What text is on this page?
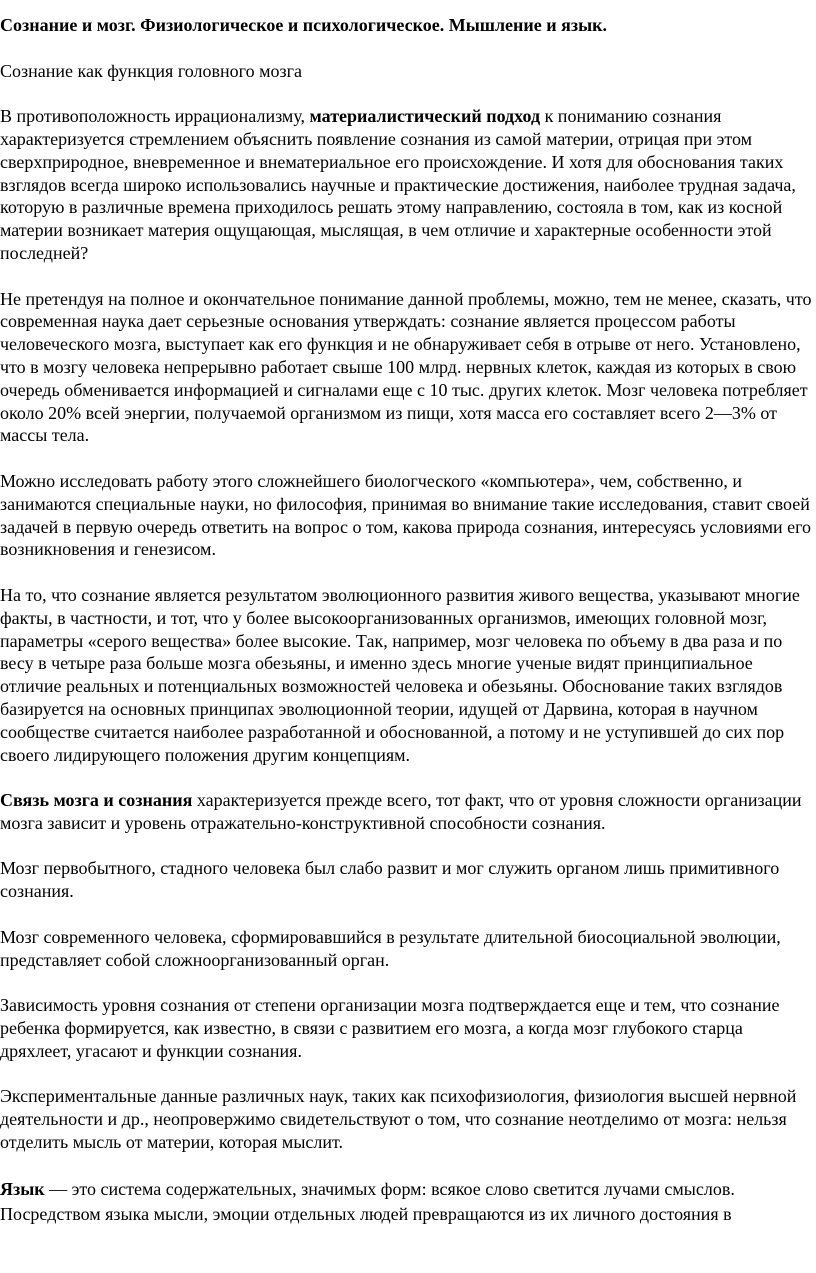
Сознание и мозг. Физиологическое и психологическое. Мышление и язык.

Сознание как функция головного мозга

В противоположность иррационализму, материалистический подход к пониманию сознания характеризуется стремлением объяснить появление сознания из самой материи, отрицая при этом сверхприродное, вневременное и внематериальное его происхождение. И хотя для обоснования таких взглядов всегда широко использовались научные и практические достижения, наиболее трудная задача, которую в различные времена приходилось решать этому направлению, состояла в том, как из косной материи возникает материя ощущающая, мыслящая, в чем отличие и характерные особенности этой последней?

Не претендуя на полное и окончательное понимание данной проблемы, можно, тем не менее, сказать, что современная наука дает серьезные основания утверждать: сознание является процессом работы человеческого мозга, выступает как его функция и не обнаруживает себя в отрыве от него. Установлено, что в мозгу человека непрерывно работает свыше 100 млрд. нервных клеток, каждая из которых в свою очередь обменивается информацией и сигналами еще с 10 тыс. других клеток. Мозг человека потребляет около 20% всей энергии, получаемой организмом из пищи, хотя масса его составляет всего 2—3% от массы тела.

Можно исследовать работу этого сложнейшего биологческого «компьютера», чем, собственно, и занимаются специальные науки, но философия, принимая во внимание такие исследования, ставит своей задачей в первую очередь ответить на вопрос о том, какова природа сознания, интересуясь условиями его возникновения и генезисом.

На то, что сознание является результатом эволюционного развития живого вещества, указывают многие факты, в частности, и тот, что у более высокоорганизованных организмов, имеющих головной мозг, параметры «серого вещества» более высокие. Так, например, мозг человека по объему в два раза и по весу в четыре раза больше мозга обезьяны, и именно здесь многие ученые видят принципиальное отличие реальных и потенциальных возможностей человека и обезьяны. Обоснование таких взглядов базируется на основных принципах эволюционной теории, идущей от Дарвина, которая в научном сообществе считается наиболее разработанной и обоснованной, а потому и не уступившей до сих пор своего лидирующего положения другим концепциям.

Связь мозга и сознания характеризуется прежде всего, тот факт, что от уровня сложности организации мозга зависит и уровень отражательно-конструктивной способности сознания.

Мозг первобытного, стадного человека был слабо развит и мог служить органом лишь примитивного сознания.

Мозг современного человека, сформировавшийся в результате длительной биосоциальной эволюции, представляет собой сложноорганизованный орган.

Зависимость уровня сознания от степени организации мозга подтверждается еще и тем, что сознание ребенка формируется, как известно, в связи с развитием его мозга, а когда мозг глубокого старца дряхлеет, угасают и функции сознания.

Экспериментальные данные различных наук, таких как психофизиология, физиология высшей нервной деятельности и др., неопровержимо свидетельствуют о том, что сознание неотделимо от мозга: нельзя отделить мысль от материи, которая мыслит.

Язык — это система содержательных, значимых форм: всякое слово светится лучами смыслов.

Посредством языка мысли, эмоции отдельных людей превращаются из их личного достояния в
